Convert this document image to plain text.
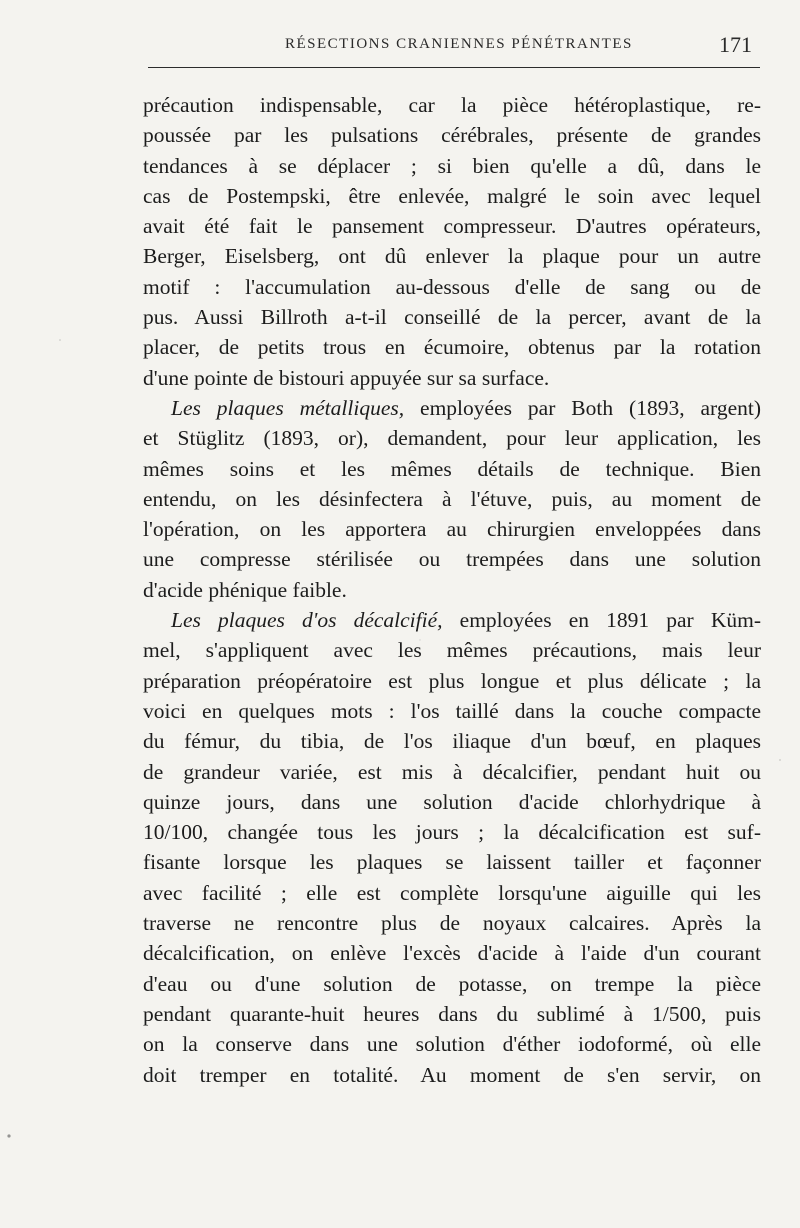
RÉSECTIONS CRANIENNES PÉNÉTRANTES	171
précaution indispensable, car la pièce hétéroplastique, re-
poussée par les pulsations cérébrales, présente de grandes
tendances à se déplacer ; si bien qu'elle a dû, dans le
cas de Postempski, être enlevée, malgré le soin avec lequel
avait été fait le pansement compresseur. D'autres opérateurs,
Berger, Eiselsberg, ont dû enlever la plaque pour un autre
motif : l'accumulation au-dessous d'elle de sang ou de
pus. Aussi Billroth a-t-il conseillé de la percer, avant de la
placer, de petits trous en écumoire, obtenus par la rotation
d'une pointe de bistouri appuyée sur sa surface.
Les plaques métalliques, employées par Both (1893, argent)
et Stüglitz (1893, or), demandent, pour leur application, les
mêmes soins et les mêmes détails de technique. Bien
entendu, on les désinfectera à l'étuve, puis, au moment de
l'opération, on les apportera au chirurgien enveloppées dans
une compresse stérilisée ou trempées dans une solution
d'acide phénique faible.
Les plaques d'os décalcifié, employées en 1891 par Küm-
mel, s'appliquent avec les mêmes précautions, mais leur
préparation préopératoire est plus longue et plus délicate ; la
voici en quelques mots : l'os taillé dans la couche compacte
du fémur, du tibia, de l'os iliaque d'un bœuf, en plaques
de grandeur variée, est mis à décalcifier, pendant huit ou
quinze jours, dans une solution d'acide chlorhydrique à
10/100, changée tous les jours ; la décalcification est suf-
fisante lorsque les plaques se laissent tailler et façonner
avec facilité ; elle est complète lorsqu'une aiguille qui les
traverse ne rencontre plus de noyaux calcaires. Après la
décalcification, on enlève l'excès d'acide à l'aide d'un courant
d'eau ou d'une solution de potasse, on trempe la pièce
pendant quarante-huit heures dans du sublimé à 1/500, puis
on la conserve dans une solution d'éther iodoformé, où elle
doit tremper en totalité. Au moment de s'en servir, on
